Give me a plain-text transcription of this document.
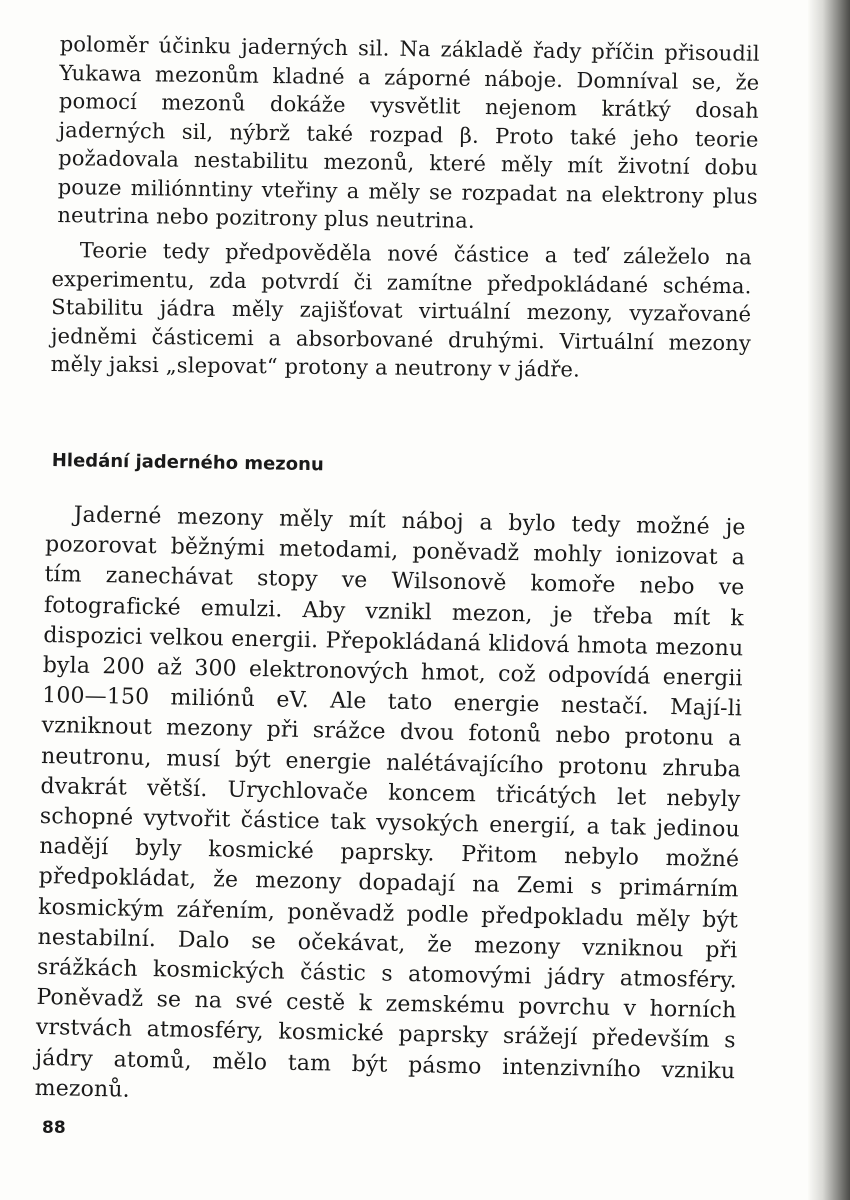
poloměr účinku jaderných sil. Na základě řady příčin přisoudil Yukawa mezonům kladné a záporné náboje. Domníval se, že pomocí mezonů dokáže vysvětlit nejenom krátký dosah jaderných sil, nýbrž také rozpad β. Proto také jeho teorie požadovala nestabilitu mezonů, které měly mít životní dobu pouze miliónntiny vteřiny a měly se rozpadat na elektrony plus neutrina nebo pozitrony plus neutrina.

Teorie tedy předpověděla nové částice a teď záleželo na experimentu, zda potvrdí či zamítne předpokládané schéma. Stabilitu jádra měly zajišťovat virtuální mezony, vyzařované jedněmi částicemi a absorbované druhými. Virtuální mezony měly jaksi „slepovat“ protony a neutrony v jádře.

Hledání jaderného mezonu

Jaderné mezony měly mít náboj a bylo tedy možné je pozorovat běžnými metodami, poněvadž mohly ionizovat a tím zanechávat stopy ve Wilsonově komoře nebo ve fotografické emulzi. Aby vznikl mezon, je třeba mít k dispozici velkou energii. Přepokládaná klidová hmota mezonu byla 200 až 300 elektronových hmot, což odpovídá energii 100—150 miliónů eV. Ale tato energie nestačí. Mají-li vzniknout mezony při srážce dvou fotonů nebo protonu a neutronu, musí být energie nalétávajícího protonu zhruba dvakrát větší. Urychlovače koncem třicátých let nebyly schopné vytvořit částice tak vysokých energií, a tak jedinou nadějí byly kosmické paprsky. Přitom nebylo možné předpokládat, že mezony dopadají na Zemi s primárním kosmickým zářením, poněvadž podle předpokladu měly být nestabilní. Dalo se očekávat, že mezony vzniknou při srážkách kosmických částic s atomovými jádry atmosféry. Poněvadž se na své cestě k zemskému povrchu v horních vrstvách atmosféry, kosmické paprsky srážejí především s jádry atomů, mělo tam být pásmo intenzivního vzniku mezonů.

88
